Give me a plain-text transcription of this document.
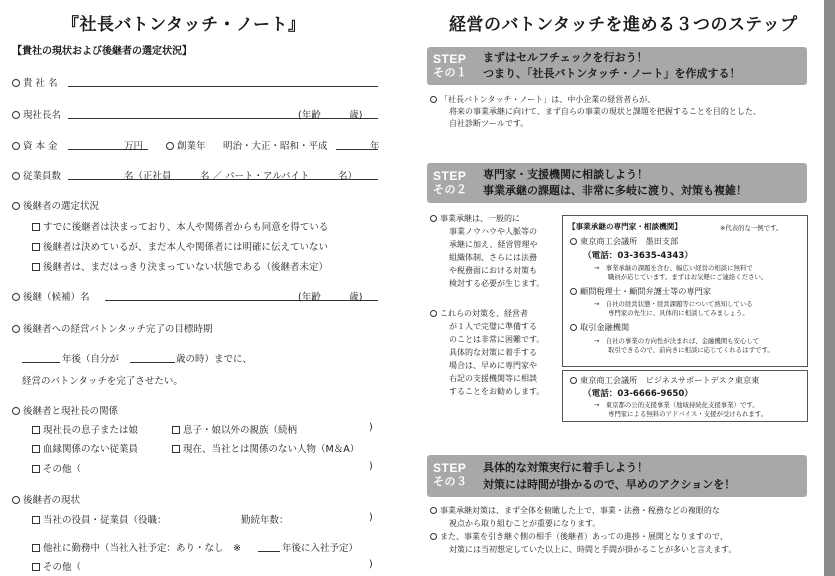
『社長バトンタッチ・ノート』
【貴社の現状および後継者の選定状況】
貴 社 名
現社長名	(年齢　　　歳)
資 本 金	万円	創業年 明治・大正・昭和・平成	年
従業員数	名（正社員　　　名 ／ パート・アルバイト　　　名）
後継者の選定状況
すでに後継者は決まっており、本人や関係者からも同意を得ている
後継者は決めているが、まだ本人や関係者には明確に伝えていない
後継者は、まだはっきり決まっていない状態である（後継者未定）
後継（候補）名	(年齢　　　歳)
後継者への経営バトンタッチ完了の目標時期
年後（自分が	歳の時）までに、
経営のバトンタッチを完了させたい。
後継者と現社長の関係
現社長の息子または娘	息子・娘以外の親族（続柄	)
血縁関係のない従業員	現在、当社とは関係のない人物（M＆A）
その他（	)
後継者の現状
当社の役員・従業員（役職：	勤続年数：	)
他社に勤務中（当社入社予定：あり・なし　※	年後に入社予定）
その他（	)
経営のバトンタッチを進める３つのステップ
STEP
その１
まずはセルフチェックを行おう！
つまり、「社長バトンタッチ・ノート」を作成する！
「社長バトンタッチ・ノート」は、中小企業の経営者らが、
将来の事業承継に向けて、まず自らの事業の現状と課題を把握することを目的とした、
自社診断ツールです。
STEP
その２
専門家・支援機関に相談しよう！
事業承継の課題は、非常に多岐に渡り、対策も複雑！
事業承継は、一般的に
事業ノウハウや人脈等の
承継に加え、経営管理や
組織体制、さらには法務
や税務面における対策も
検討する必要が生じます。
これらの対策を、経営者
が１人で完璧に準備する
のことは非常に困難です。
具体的な対策に着手する
場合は、早めに専門家や
右記の支援機関等に相談
することをお勧めします。
【事業承継の専門家・相談機関】	※代表的な一例です。
東京商工会議所　墨田支部
（電話：03-3635-4343）
→　事業承継の課題を含む、幅広い経営の相談に無料で
職員が応じています。まずはお気軽にご連絡ください。
顧問税理士・顧問弁護士等の専門家
→　自社の経営状態・経営課題等について熟知している
専門家の先生に、具体的に相談してみましょう。
取引金融機関
→　自社の事業の方向性が決まれば、金融機関も安心して
取引できるので、前向きに相談に応じてくれるはずです。
東京商工会議所　ビジネスサポートデスク東京東
（電話：03-6666-9650）
→　東京都の公的支援事業（地域持続化支援事業）です。
専門家による無料のアドバイス・支援が受けられます。
STEP
その３
具体的な対策実行に着手しよう！
対策には時間が掛かるので、早めのアクションを！
事業承継対策は、まず全体を俯瞰した上で、事業・法務・税務などの複眼的な
視点から取り組むことが重要になります。
また、事業を引き継ぐ側の相手（後継者）あっての進捗・展開となりますので、
対策には当初想定していた以上に、時間と手間が掛かることが多いと言えます。
